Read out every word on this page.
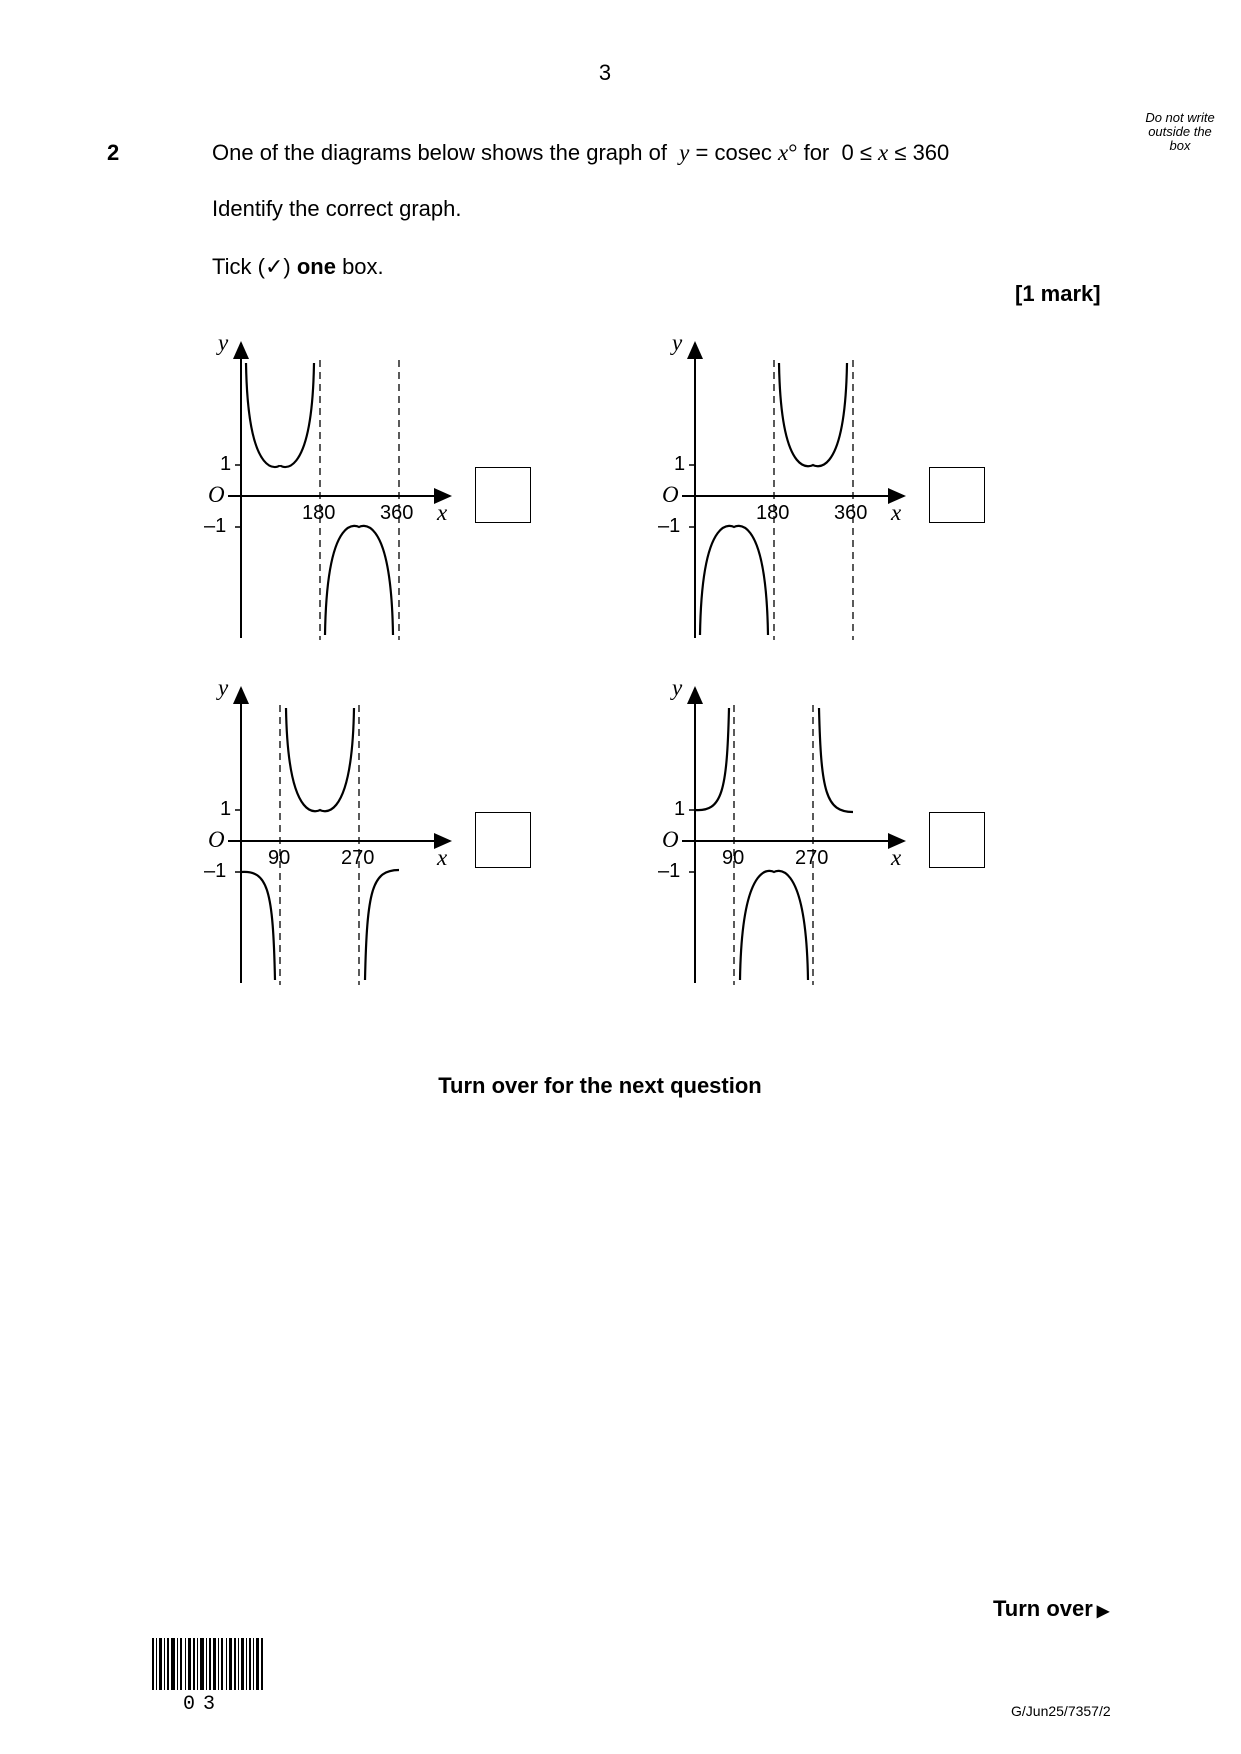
3
Do not write
outside the
box
2	One of the diagrams below shows the graph of y = cosec x° for  0 ≤ x ≤ 360
Identify the correct graph.
Tick (✓) one box.
[1 mark]
y
1
O
–1
180 360 x
y
1
O
–1
180 360 x
y
1
O
–1
90	270	x
y
1
O
–1
90	270	x
Turn over for the next question
Turn over ▶
03	G/Jun25/7357/2
